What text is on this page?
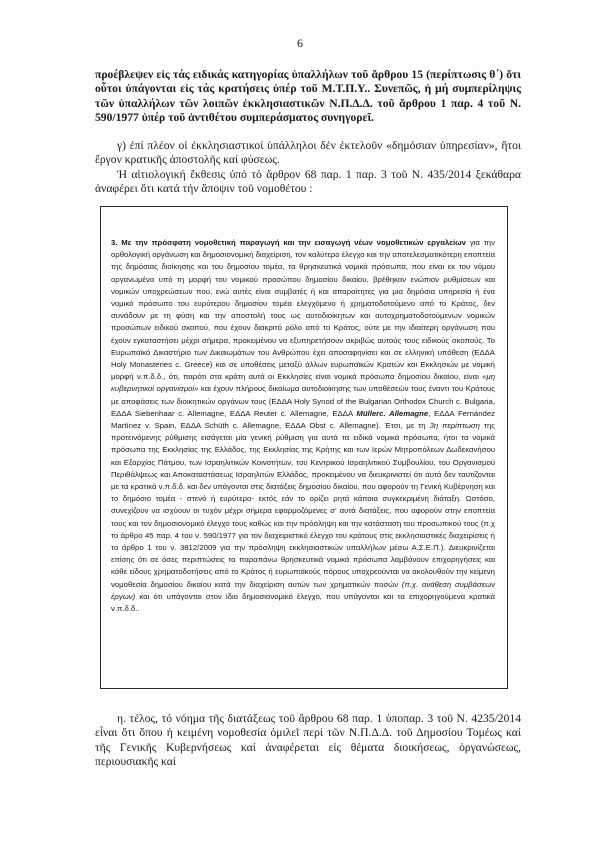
6

προέβλεψεν εἰς τάς ειδικάς κατηγορίας ὑπαλλήλων τοῦ ἄρθρου 15 (περίπτωσις θ΄) ὅτι οὗτοι ὑπάγονται εἰς τάς κρατήσεις ὑπέρ τοῦ Μ.Τ.Π.Υ.. Συνεπῶς, ἡ μή συμπερίληψις τῶν ὑπαλλήλων τῶν λοιπῶν ἐκκλησιαστικῶν Ν.Π.Δ.Δ. τοῦ ἄρθρου 1 παρ. 4 τοῦ Ν. 590/1977 ὑπέρ τοῦ ἀντιθέτου συμπεράσματος συνηγορεῖ.

γ) ἐπί πλέον οἱ ἐκκλησιαστικοί ὑπάλληλοι δέν ἐκτελοῦν «δημόσιαν ὑπηρεσίαν», ἤτοι ἔργον κρατικῆς ἀποστολῆς καί φύσεως.

Ἡ αἰτιολογική ἔκθεσις ὑπό τό ἄρθρον 68 παρ. 1 παρ. 3 τοῦ Ν. 435/2014 ξεκάθαρα ἀναφέρει ὅτι κατά τήν ἄποψιν τοῦ νομοθέτου :

3. Με την πρόσφατη νομοθετική παραγωγή και την εισαγωγή νέων νομοθετικών εργαλείων για την ορθολογική οργάνωση και δημοσιονομική διαχείριση, τον καλύτερο έλεγχο και την αποτελεσματικότερη εποπτεία της δημόσιας διοίκησης και του δημοσίου τομέα, τα θρησκευτικά νομικά πρόσωπα, που είναι εκ του νόμου οργανωμένα υπό τη μορφή του νομικού προσώπου δημοσίου δικαίου, βρέθηκαν ενώπιον ρυθμίσεων και νομικών υποχρεώσεων που, ενώ αυτές είναι συμβατές ή και απαραίτητες για μια δημόσια υπηρεσία ή ένα νομικό πρόσωπο του ευρύτερου δημοσίου τομέα ελεγχόμενο ή χρηματοδοτούμενο από το Κράτος, δεν συνάδουν με τη φύση και την αποστολή τους ως αυτοδιοίκητων και αυτοχρηματοδοτούμενων νομικών προσώπων ειδικού σκοπού, που έχουν διακριτό ρόλο από το Κράτος, ούτε με την ιδιαίτερη οργάνωση που έχουν εγκαταστήσει μέχρι σήμερα, προκειμένου να εξυπηρετήσουν ακριβώς αυτούς τους ειδικούς σκοπούς. Το Ευρωπαϊκό Δικαστήριο των Δικαιωμάτων του Ανθρώπου έχει αποσαφηνίσει και σε ελληνική υπόθεση (ΕΔΔΑ Holy Monasteries c. Greece) και σε υποθέσεις μεταξύ άλλων ευρωπαϊκών Κρατών και Εκκλησιών με νομική μορφή ν.π.δ.δ., ότι, παρότι στα κράτη αυτά οι Εκκλησίες είναι νομικά πρόσωπα δημοσίου δικαίου, είναι «μη κυβερνητικοί οργανισμοί» και έχουν πλήρους δικαίωμα αυτοδιοίκησης των υποθέσεών τους έναντι του Κράτους με αποφάσεις των διοικητικών οργάνων τους (ΕΔΔΑ Holy Synod of the Bulgarian Orthodox Church c. Bulgaria, ΕΔΔΑ Siebenhaar c. Allemagne, ΕΔΔΑ Reuter c. Allemagne, ΕΔΔΑ Müllerc. Allemagne, ΕΔΔΑ Fernández Martínez v. Spain, ΕΔΔΑ Schüth c. Allemagne, ΕΔΔΑ Obst c. Allemagne). Έτσι, με τη 3η περίπτωση της προτεινόμενης ρύθμισης εισάγεται μία γενική ρύθμιση για αυτά τα ειδικά νομικά πρόσωπα, ήτοι τα νομικά πρόσωπα της Εκκλησίας της Ελλάδος, της Εκκλησίας της Κρήτης και των Ιερών Μητροπόλεων Δωδεκανήσου και Εξαρχίας Πάτμου, των Ισραηλιτικών Κοινοτήτων, του Κεντρικού Ισραηλιτικού Συμβουλίου, του Οργανισμού Περιθάλψεως και Αποκαταστάσεως Ισραηλιτών Ελλάδος, προκειμένου να διευκρινιστεί ότι αυτά δεν ταυτίζονται με τα κρατικά ν.π.δ.δ. και δεν υπάγονται στις διατάξεις δημοσίου δικαίου, που αφορούν τη Γενική Κυβέρνηση και το δημόσιο τομέα - στενό ή ευρύτερο- εκτός εάν το ορίζει ρητά κάποια συγκεκριμένη διάταξη. Ωστόσο, συνεχίζουν να ισχύουν οι τυχόν μέχρι σήμερα εφαρμοζόμενες σ' αυτά διατάξεις, που αφορούν στην εποπτεία τους και τον δημοσιονομικό έλεγχο τους καθώς και την πρόσληψη και την κατάσταση του προσωπικού τους (π.χ το άρθρο 45 παρ. 4 του ν. 590/1977 για τον διαχειριστικό έλεγχο του κράτους στις εκκλησιαστικές διαχειρίσεις ή το άρθρο 1 του ν. 3812/2009 για την πρόσληψη εκκλησιαστικών υπαλλήλων μέσω Α.Σ.Ε.Π.). Διευκρινίζεται επίσης ότι σε όσες περιπτώσεις τα παραπάνω θρησκευτικά νομικά πρόσωπα λαμβάνουν επιχορηγήσεις και κάθε είδους χρηματοδοτήσεις από το Κράτος ή ευρωπαϊκούς πόρους υποχρεούνται να ακολουθούν την κείμενη νομοθεσία δημοσίου δικαίου κατά την διαχείριση αυτών των χρηματικών ποσών (π.χ. ανάθεση συμβάσεων έργων) και ότι υπάγονται στον ίδιο δημοσιονομικό έλεγχο, που υπάγονται και τα επιχορηγούμενα κρατικά ν.π.δ.δ..

η. τέλος, τό νόημα τῆς διατάξεως τοῦ ἄρθρου 68 παρ. 1 ὑποπαρ. 3 τοῦ Ν. 4235/2014 εἶναι ὅτι ὅπου ἡ κειμένη νομοθεσία ὁμιλεῖ περί τῶν Ν.Π.Δ.Δ. τοῦ Δημοσίου Τομέως καί τῆς Γενικῆς Κυβερνήσεως καί ἀναφέρεται εἰς θέματα διοικήσεως, ὀργανώσεως, περιουσιακῆς καί
